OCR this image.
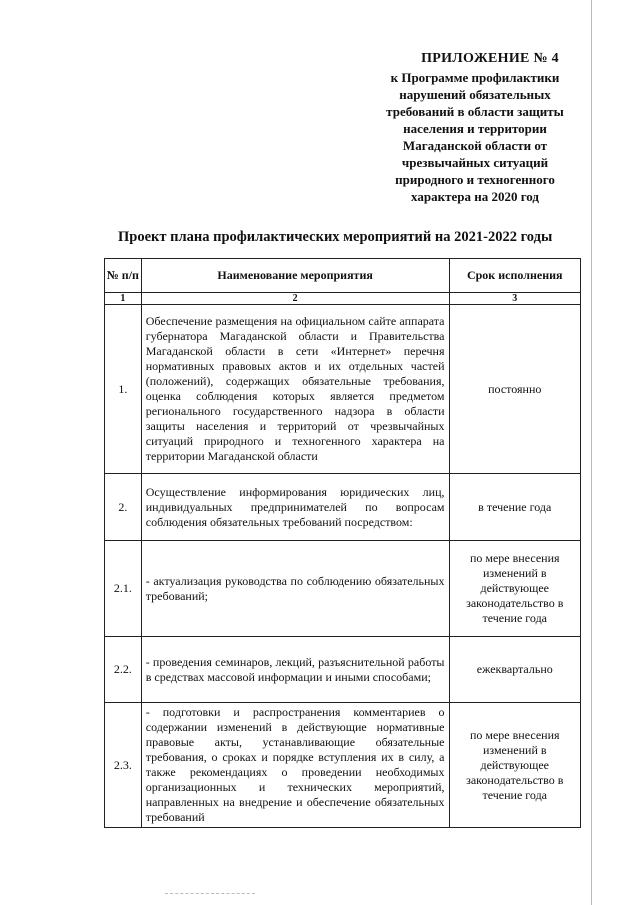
ПРИЛОЖЕНИЕ № 4
к Программе профилактики
нарушений обязательных
требований в области защиты
населения и территории
Магаданской области от
чрезвычайных ситуаций
природного и техногенного
характера на 2020 год
Проект плана профилактических мероприятий на 2021-2022 годы
№ п/п	Наименование мероприятия	Срок исполнения
1	2	3
1.	Обеспечение размещения на официальном сайте аппарата губернатора Магаданской области и Правительства Магаданской области в сети «Интернет» перечня нормативных правовых актов и их отдельных частей (положений), содержащих обязательные требования, оценка соблюдения которых является предметом регионального государственного надзора в области защиты населения и территорий от чрезвычайных ситуаций природного и техногенного характера на территории Магаданской области	постоянно
2.	Осуществление информирования юридических лиц, индивидуальных предпринимателей по вопросам соблюдения обязательных требований посредством:	в течение года
2.1.	- актуализация руководства по соблюдению обязательных требований;	по мере внесения изменений в действующее законодательство в течение года
2.2.	- проведения семинаров, лекций, разъяснительной работы в средствах массовой информации и иными способами;	ежеквартально
2.3.	- подготовки и распространения комментариев о содержании изменений в действующие нормативные правовые акты, устанавливающие обязательные требования, о сроках и порядке вступления их в силу, а также рекомендациях о проведении необходимых организационных и технических мероприятий, направленных на внедрение и обеспечение обязательных требований	по мере внесения изменений в действующее законодательство в течение года
